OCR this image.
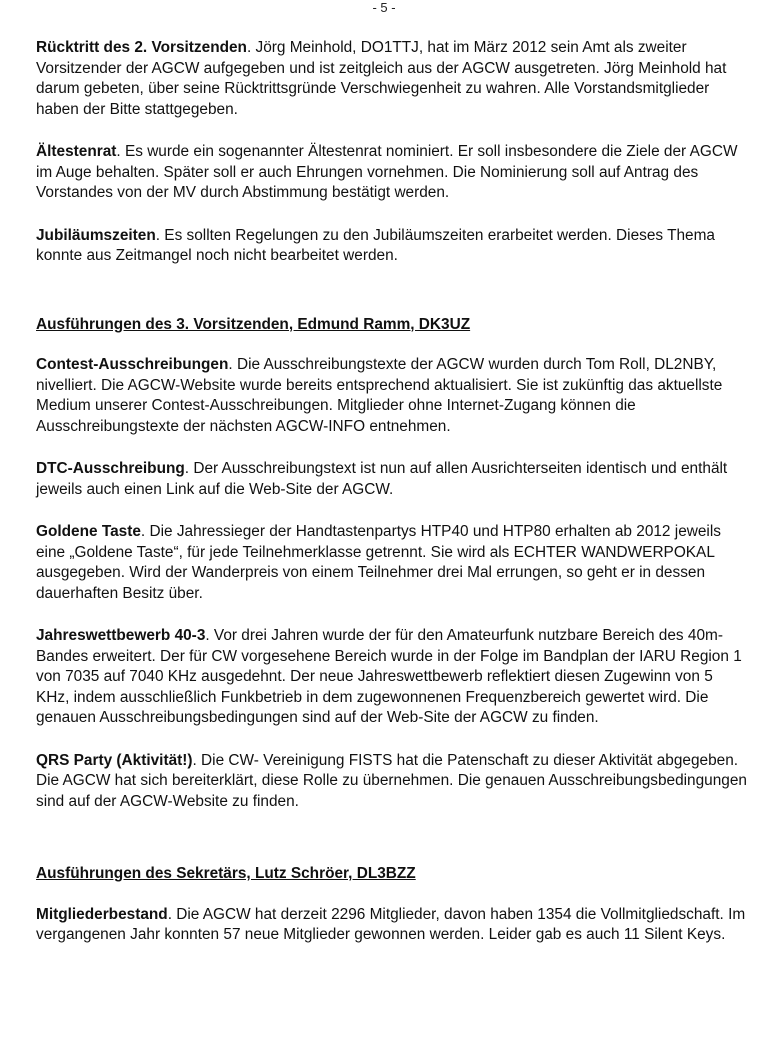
- 5 -

Rücktritt des 2. Vorsitzenden. Jörg Meinhold, DO1TTJ, hat im März 2012 sein Amt als zweiter Vorsitzender der AGCW aufgegeben und ist zeitgleich aus der AGCW ausgetreten. Jörg Meinhold hat darum gebeten, über seine Rücktrittsgründe Verschwiegenheit zu wahren. Alle Vorstandsmitglieder haben der Bitte stattgegeben.

Ältestenrat. Es wurde ein sogenannter Ältestenrat nominiert. Er soll insbesondere die Ziele der AGCW im Auge behalten. Später soll er auch Ehrungen vornehmen. Die Nominierung soll auf Antrag des Vorstandes von der MV durch Abstimmung bestätigt werden.

Jubiläumszeiten. Es sollten Regelungen zu den Jubiläumszeiten erarbeitet werden. Dieses Thema konnte aus Zeitmangel noch nicht bearbeitet werden.

Ausführungen des 3. Vorsitzenden, Edmund Ramm, DK3UZ

Contest-Ausschreibungen. Die Ausschreibungstexte der AGCW wurden durch Tom Roll, DL2NBY, nivelliert. Die AGCW-Website wurde bereits entsprechend aktualisiert. Sie ist zukünftig das aktuellste Medium unserer Contest-Ausschreibungen. Mitglieder ohne Internet-Zugang können die Ausschreibungstexte der nächsten AGCW-INFO entnehmen.

DTC-Ausschreibung. Der Ausschreibungstext ist nun auf allen Ausrichterseiten identisch und enthält jeweils auch einen Link auf die Web-Site der AGCW.

Goldene Taste. Die Jahressieger der Handtastenpartys HTP40 und HTP80 erhalten ab 2012 jeweils eine „Goldene Taste“, für jede Teilnehmerklasse getrennt. Sie wird als ECHTER WANDWERPOKAL ausgegeben. Wird der Wanderpreis von einem Teilnehmer drei Mal errungen, so geht er in dessen dauerhaften Besitz über.

Jahreswettbewerb 40-3. Vor drei Jahren wurde der für den Amateurfunk nutzbare Bereich des 40m-Bandes erweitert. Der für CW vorgesehene Bereich wurde in der Folge im Bandplan der IARU Region 1 von 7035 auf 7040 KHz ausgedehnt. Der neue Jahreswettbewerb reflektiert diesen Zugewinn von 5 KHz, indem ausschließlich Funkbetrieb in dem zugewonnenen Frequenzbereich gewertet wird. Die genauen Ausschreibungsbedingungen sind auf der Web-Site der AGCW zu finden.

QRS Party (Aktivität!). Die CW- Vereinigung FISTS hat die Patenschaft zu dieser Aktivität abgegeben. Die AGCW hat sich bereiterklärt, diese Rolle zu übernehmen. Die genauen Ausschreibungsbedingungen sind auf der AGCW-Website zu finden.

Ausführungen des Sekretärs, Lutz Schröer, DL3BZZ

Mitgliederbestand. Die AGCW hat derzeit 2296 Mitglieder, davon haben 1354 die Vollmitgliedschaft. Im vergangenen Jahr konnten 57 neue Mitglieder gewonnen werden. Leider gab es auch 11 Silent Keys.
